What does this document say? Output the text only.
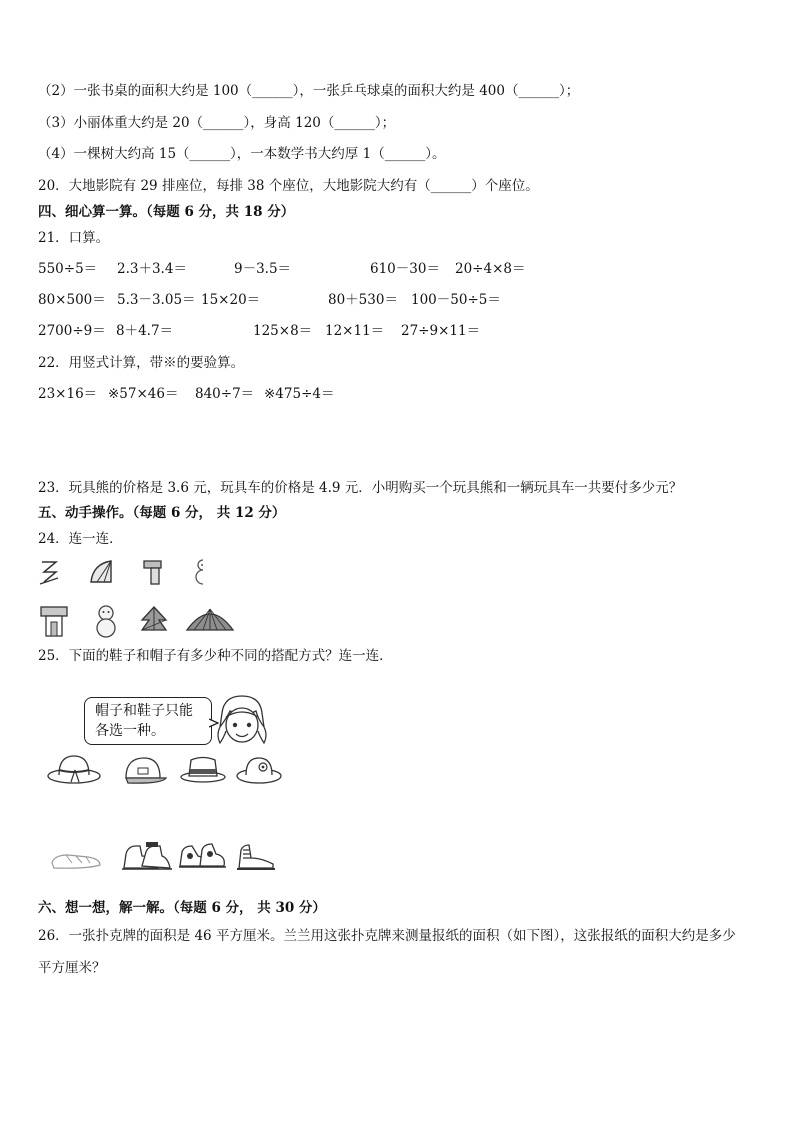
（2）一张书桌的面积大约是 100（______），一张乒乓球桌的面积大约是 400（______）；
（3）小丽体重大约是 20（______），身高 120（______）；
（4）一棵树大约高 15（______），一本数学书大约厚 1（______）。
20．大地影院有 29 排座位，每排 38 个座位，大地影院大约有（______）个座位。
四、细心算一算。（每题 6 分，共 18 分）
21．口算。
550÷5＝ 2.3＋3.4＝	9－3.5＝	610－30＝ 20÷4×8＝
80×500＝ 5.3－3.05＝ 15×20＝	80＋530＝ 100－50÷5＝
2700÷9＝ 8＋4.7＝	125×8＝ 12×11＝ 27÷9×11＝
22．用竖式计算，带※的要验算。
23×16＝ ※57×46＝ 840÷7＝ ※475÷4＝
23．玩具熊的价格是 3.6 元，玩具车的价格是 4.9 元．小明购买一个玩具熊和一辆玩具车一共要付多少元？
五、动手操作。（每题 6 分， 共 12 分）
24．连一连．
25．下面的鞋子和帽子有多少种不同的搭配方式？连一连．
帽子和鞋子只能
各选一种。
六、想一想，解一解。（每题 6 分， 共 30 分）
26．一张扑克牌的面积是 46 平方厘米。兰兰用这张扑克牌来测量报纸的面积（如下图），这张报纸的面积大约是多少
平方厘米？
